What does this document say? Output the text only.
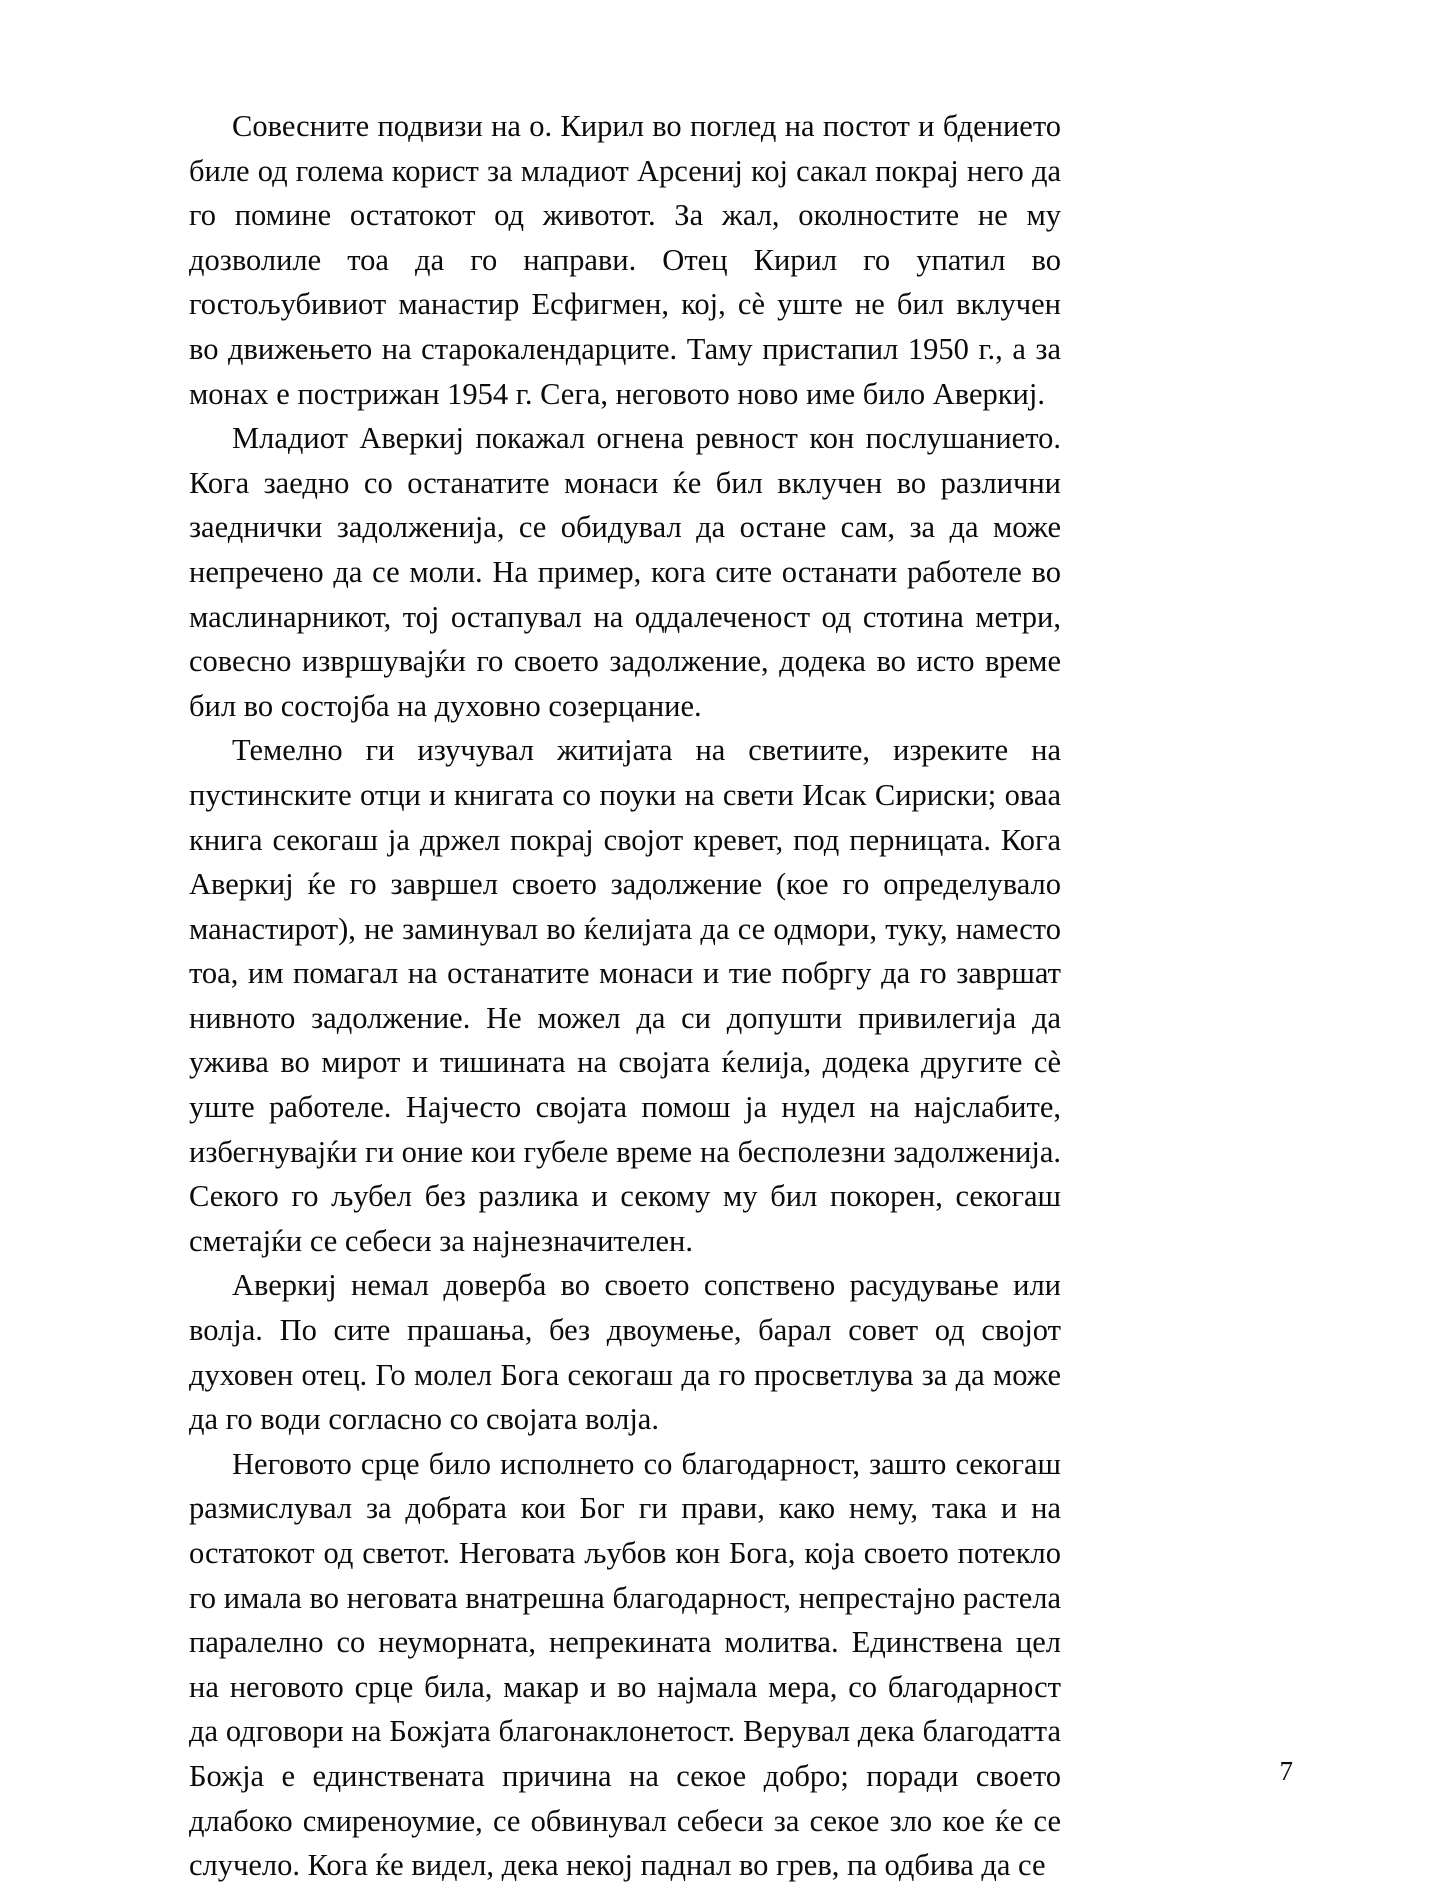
Совесните подвизи на о. Кирил во поглед на постот и бдението биле од голема корист за младиот Арсениј кој сакал покрај него да го помине остатокот од животот. За жал, околностите не му дозволиле тоа да го направи. Отец Кирил го упатил во гостољубивиот манастир Есфигмен, кој, сѐ уште не бил вклучен во движењето на старокалендарците. Таму пристапил 1950 г., а за монах е пострижан 1954 г. Сега, неговото ново име било Аверкиј.

Младиот Аверкиј покажал огнена ревност кон послушанието. Кога заедно со останатите монаси ќе бил вклучен во различни заеднички задолженија, се обидувал да остане сам, за да може непречено да се моли. На пример, кога сите останати работеле во маслинарникот, тој остапувал на оддалеченост од стотина метри, совесно извршувајќи го своето задолжение, додека во исто време бил во состојба на духовно созерцание.

Темелно ги изучувал житијата на светиите, изреките на пустинските отци и книгата со поуки на свети Исак Сириски; оваа книга секогаш ја држел покрај својот кревет, под перницата. Кога Аверкиј ќе го завршел своето задолжение (кое го определувало манастирот), не заминувал во ќелијата да се одмори, туку, наместо тоа, им помагал на останатите монаси и тие побргу да го завршат нивното задолжение. Не можел да си допушти привилегија да ужива во мирот и тишината на својата ќелија, додека другите сѐ уште работеле. Најчесто својата помош ја нудел на најслабите, избегнувајќи ги оние кои губеле време на бесполезни задолженија. Секого го љубел без разлика и секому му бил покорен, секогаш сметајќи се себеси за најнезначителен.

Аверкиј немал доверба во своето сопствено расудување или волја. По сите прашања, без двоумење, барал совет од својот духовен отец. Го молел Бога секогаш да го просветлува за да може да го води согласно со својата волја.

Неговото срце било исполнето со благодарност, зашто секогаш размислувал за добрата кои Бог ги прави, како нему, така и на остатокот од светот. Неговата љубов кон Бога, која своето потекло го имала во неговата внатрешна благодарност, непрестајно растела паралелно со неуморната, непрекината молитва. Единствена цел на неговото срце била, макар и во најмала мера, со благодарност да одговори на Божјата благонаклонетост. Верувал дека благодатта Божја е единствената причина на секое добро; поради своето длабоко смиреноумие, се обвинувал себеси за секое зло кое ќе се случело. Кога ќе видел, дека некој паднал во грев, па одбива да се

7
